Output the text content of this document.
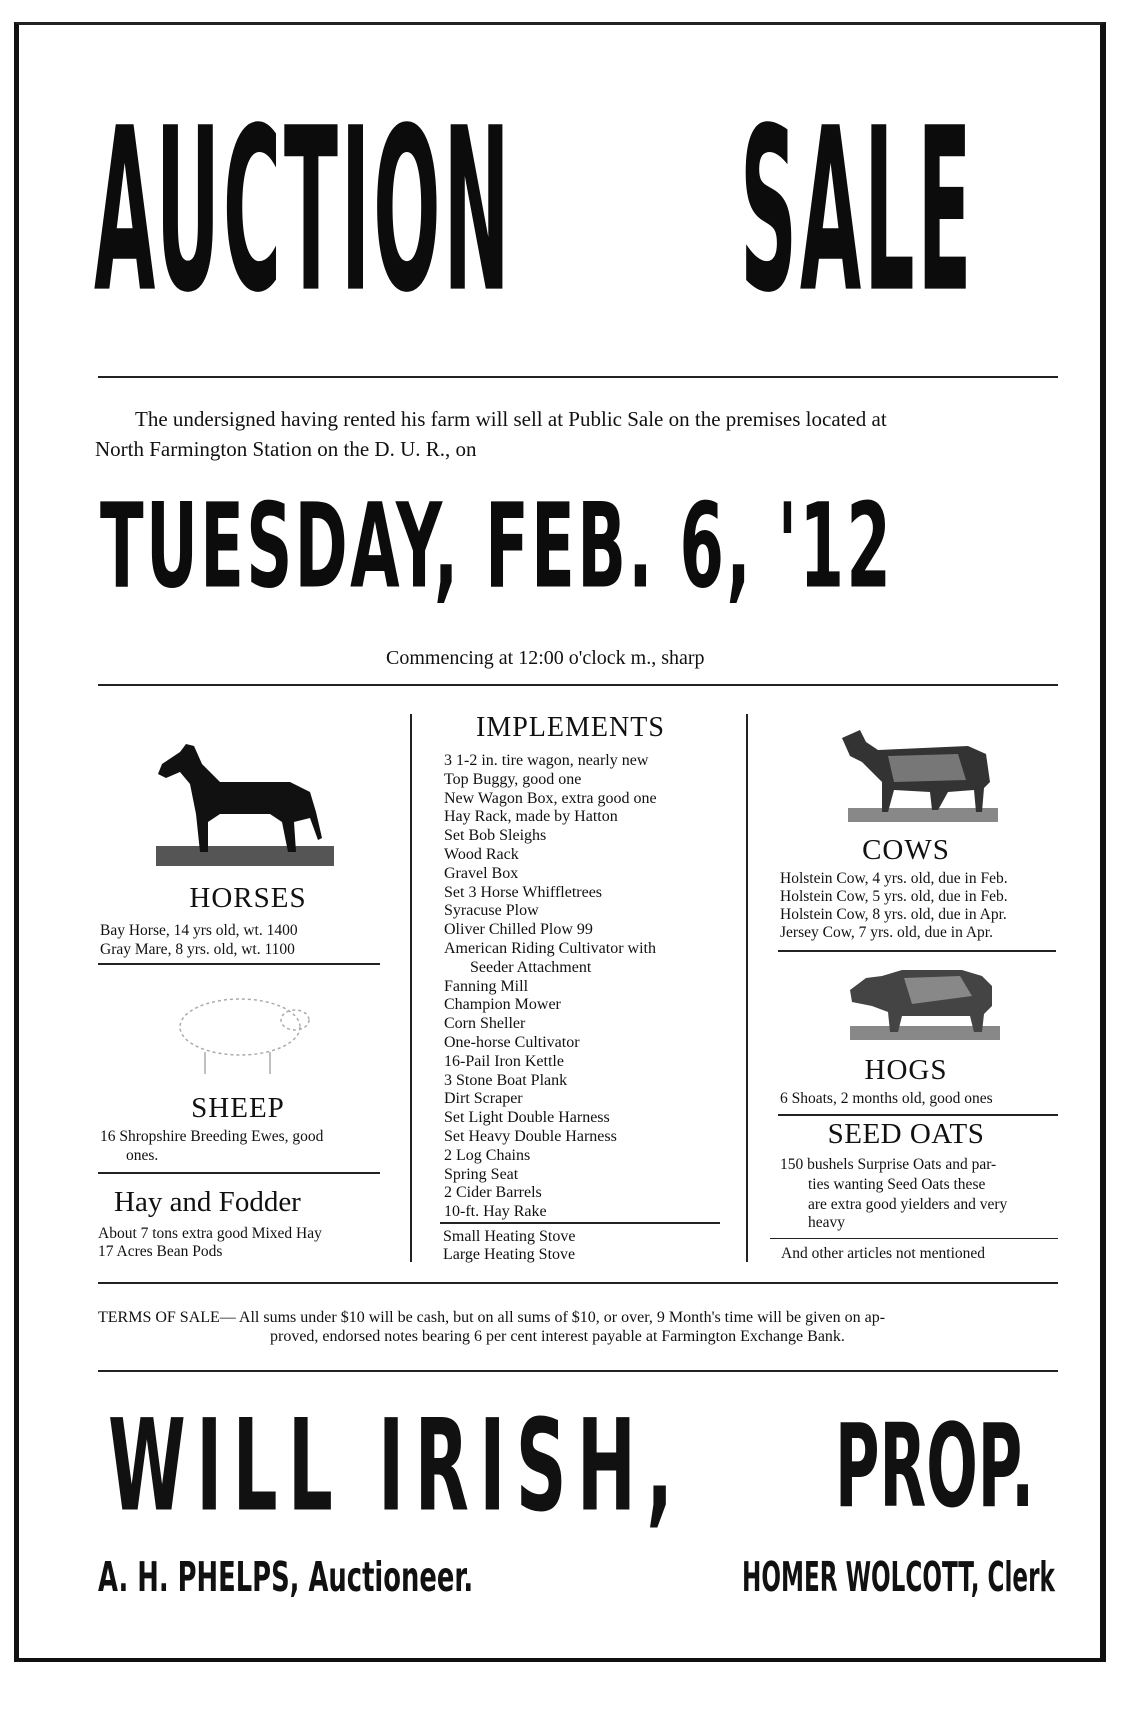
AUCTION SALE
The undersigned having rented his farm will sell at Public Sale on the premises located at
North Farmington Station on the D. U. R., on
TUESDAY, FEB. 6, '12
Commencing at 12:00 o'clock m., sharp
HORSES
Bay Horse, 14 yrs old, wt. 1400
Gray Mare, 8 yrs. old, wt. 1100
SHEEP
16 Shropshire Breeding Ewes, good
ones.
Hay and Fodder
About 7 tons extra good Mixed Hay
17 Acres Bean Pods
IMPLEMENTS
3 1-2 in. tire wagon, nearly new
Top Buggy, good one
New Wagon Box, extra good one
Hay Rack, made by Hatton
Set Bob Sleighs
Wood Rack
Gravel Box
Set 3 Horse Whiffletrees
Syracuse Plow
Oliver Chilled Plow 99
American Riding Cultivator with
Seeder Attachment
Fanning Mill
Champion Mower
Corn Sheller
One-horse Cultivator
16-Pail Iron Kettle
3 Stone Boat Plank
Dirt Scraper
Set Light Double Harness
Set Heavy Double Harness
2 Log Chains
Spring Seat
2 Cider Barrels
10-ft. Hay Rake
Small Heating Stove
Large Heating Stove
COWS
Holstein Cow, 4 yrs. old, due in Feb.
Holstein Cow, 5 yrs. old, due in Feb.
Holstein Cow, 8 yrs. old, due in Apr.
Jersey Cow, 7 yrs. old, due in Apr.
HOGS
6 Shoats, 2 months old, good ones
SEED OATS
150 bushels Surprise Oats and par-
ties wanting Seed Oats these
are extra good yielders and very
heavy
And other articles not mentioned
TERMS OF SALE— All sums under $10 will be cash, but on all sums of $10, or over, 9 Month's time will be given on ap-
proved, endorsed notes bearing 6 per cent interest payable at Farmington Exchange Bank.
WILL IRISH, PROP.
A. H. PHELPS, Auctioneer.	HOMER WOLCOTT, Clerk
